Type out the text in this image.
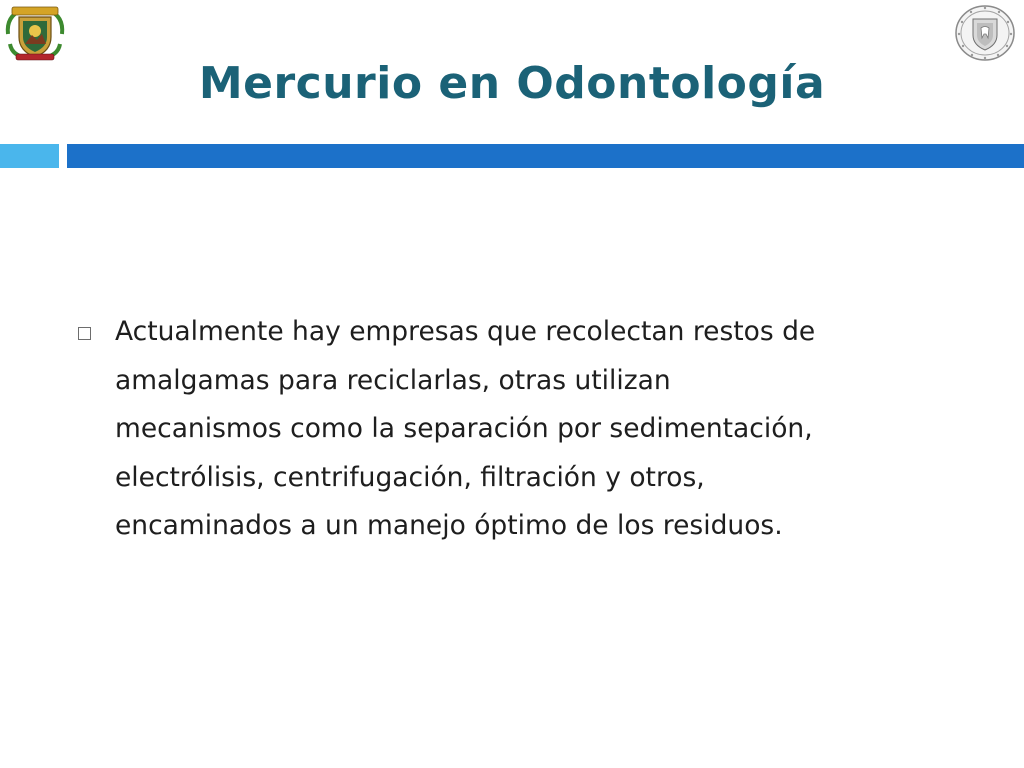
Mercurio en Odontología
Actualmente hay empresas que recolectan restos de
amalgamas para reciclarlas, otras utilizan
mecanismos como la separación por sedimentación,
electrólisis, centrifugación, filtración y otros,
encaminados a un manejo óptimo de los residuos.
